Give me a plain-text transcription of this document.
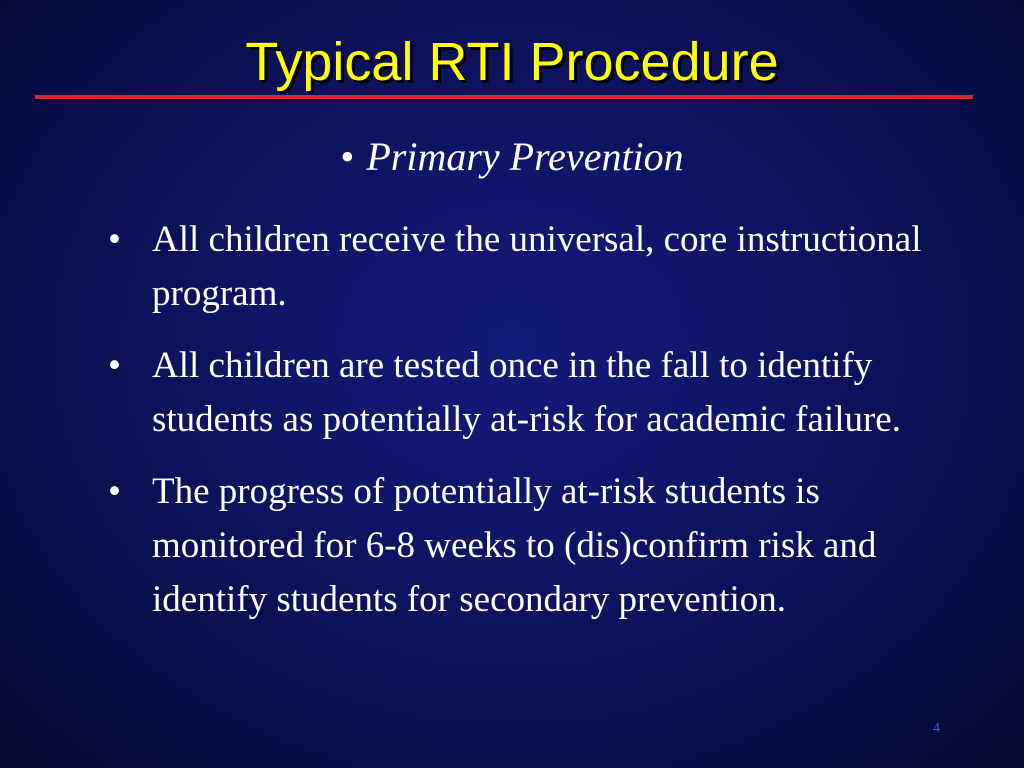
Typical RTI Procedure
• Primary Prevention
• All children receive the universal, core instructional program.
• All children are tested once in the fall to identify students as potentially at-risk for academic failure.
• The progress of potentially at-risk students is monitored for 6-8 weeks to (dis)confirm risk and identify students for secondary prevention.
4
